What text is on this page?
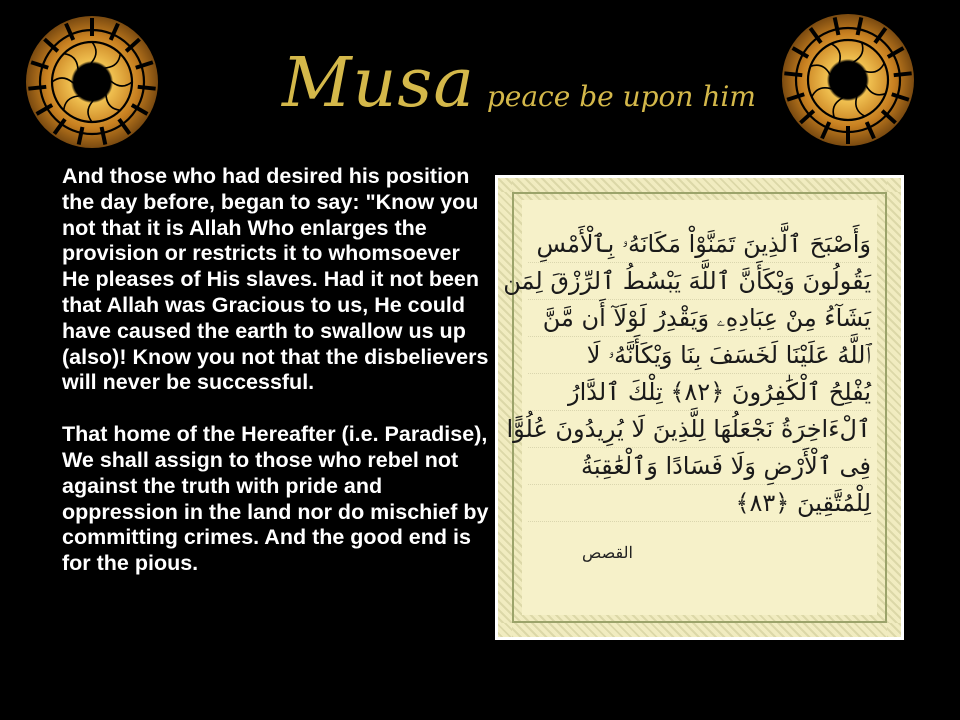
Musa peace be upon him

And those who had desired his position the day before, began to say: "Know you not that it is Allah Who enlarges the provision or restricts it to whomsoever He pleases of His slaves. Had it not been that Allah was Gracious to us, He could have caused the earth to swallow us up (also)! Know you not that the disbelievers will never be successful.

That home of the Hereafter (i.e. Paradise), We shall assign to those who rebel not against the truth with pride and oppression in the land nor do mischief by committing crimes. And the good end is for the pious.

وَأَصْبَحَ ٱلَّذِينَ تَمَنَّوْاْ مَكَانَهُۥ بِٱلْأَمْسِ
يَقُولُونَ وَيْكَأَنَّ ٱللَّهَ يَبْسُطُ ٱلرِّزْقَ لِمَن
يَشَآءُ مِنْ عِبَادِهِۦ وَيَقْدِرُ لَوْلَآ أَن مَّنَّ
ٱللَّهُ عَلَيْنَا لَخَسَفَ بِنَا وَيْكَأَنَّهُۥ لَا
يُفْلِحُ ٱلْكَٰفِرُونَ ﴿٨٢﴾ تِلْكَ ٱلدَّارُ
ٱلْءَاخِرَةُ نَجْعَلُهَا لِلَّذِينَ لَا يُرِيدُونَ عُلُوًّا
فِى ٱلْأَرْضِ وَلَا فَسَادًا وَٱلْعَٰقِبَةُ
لِلْمُتَّقِينَ ﴿٨٣﴾
القصص
